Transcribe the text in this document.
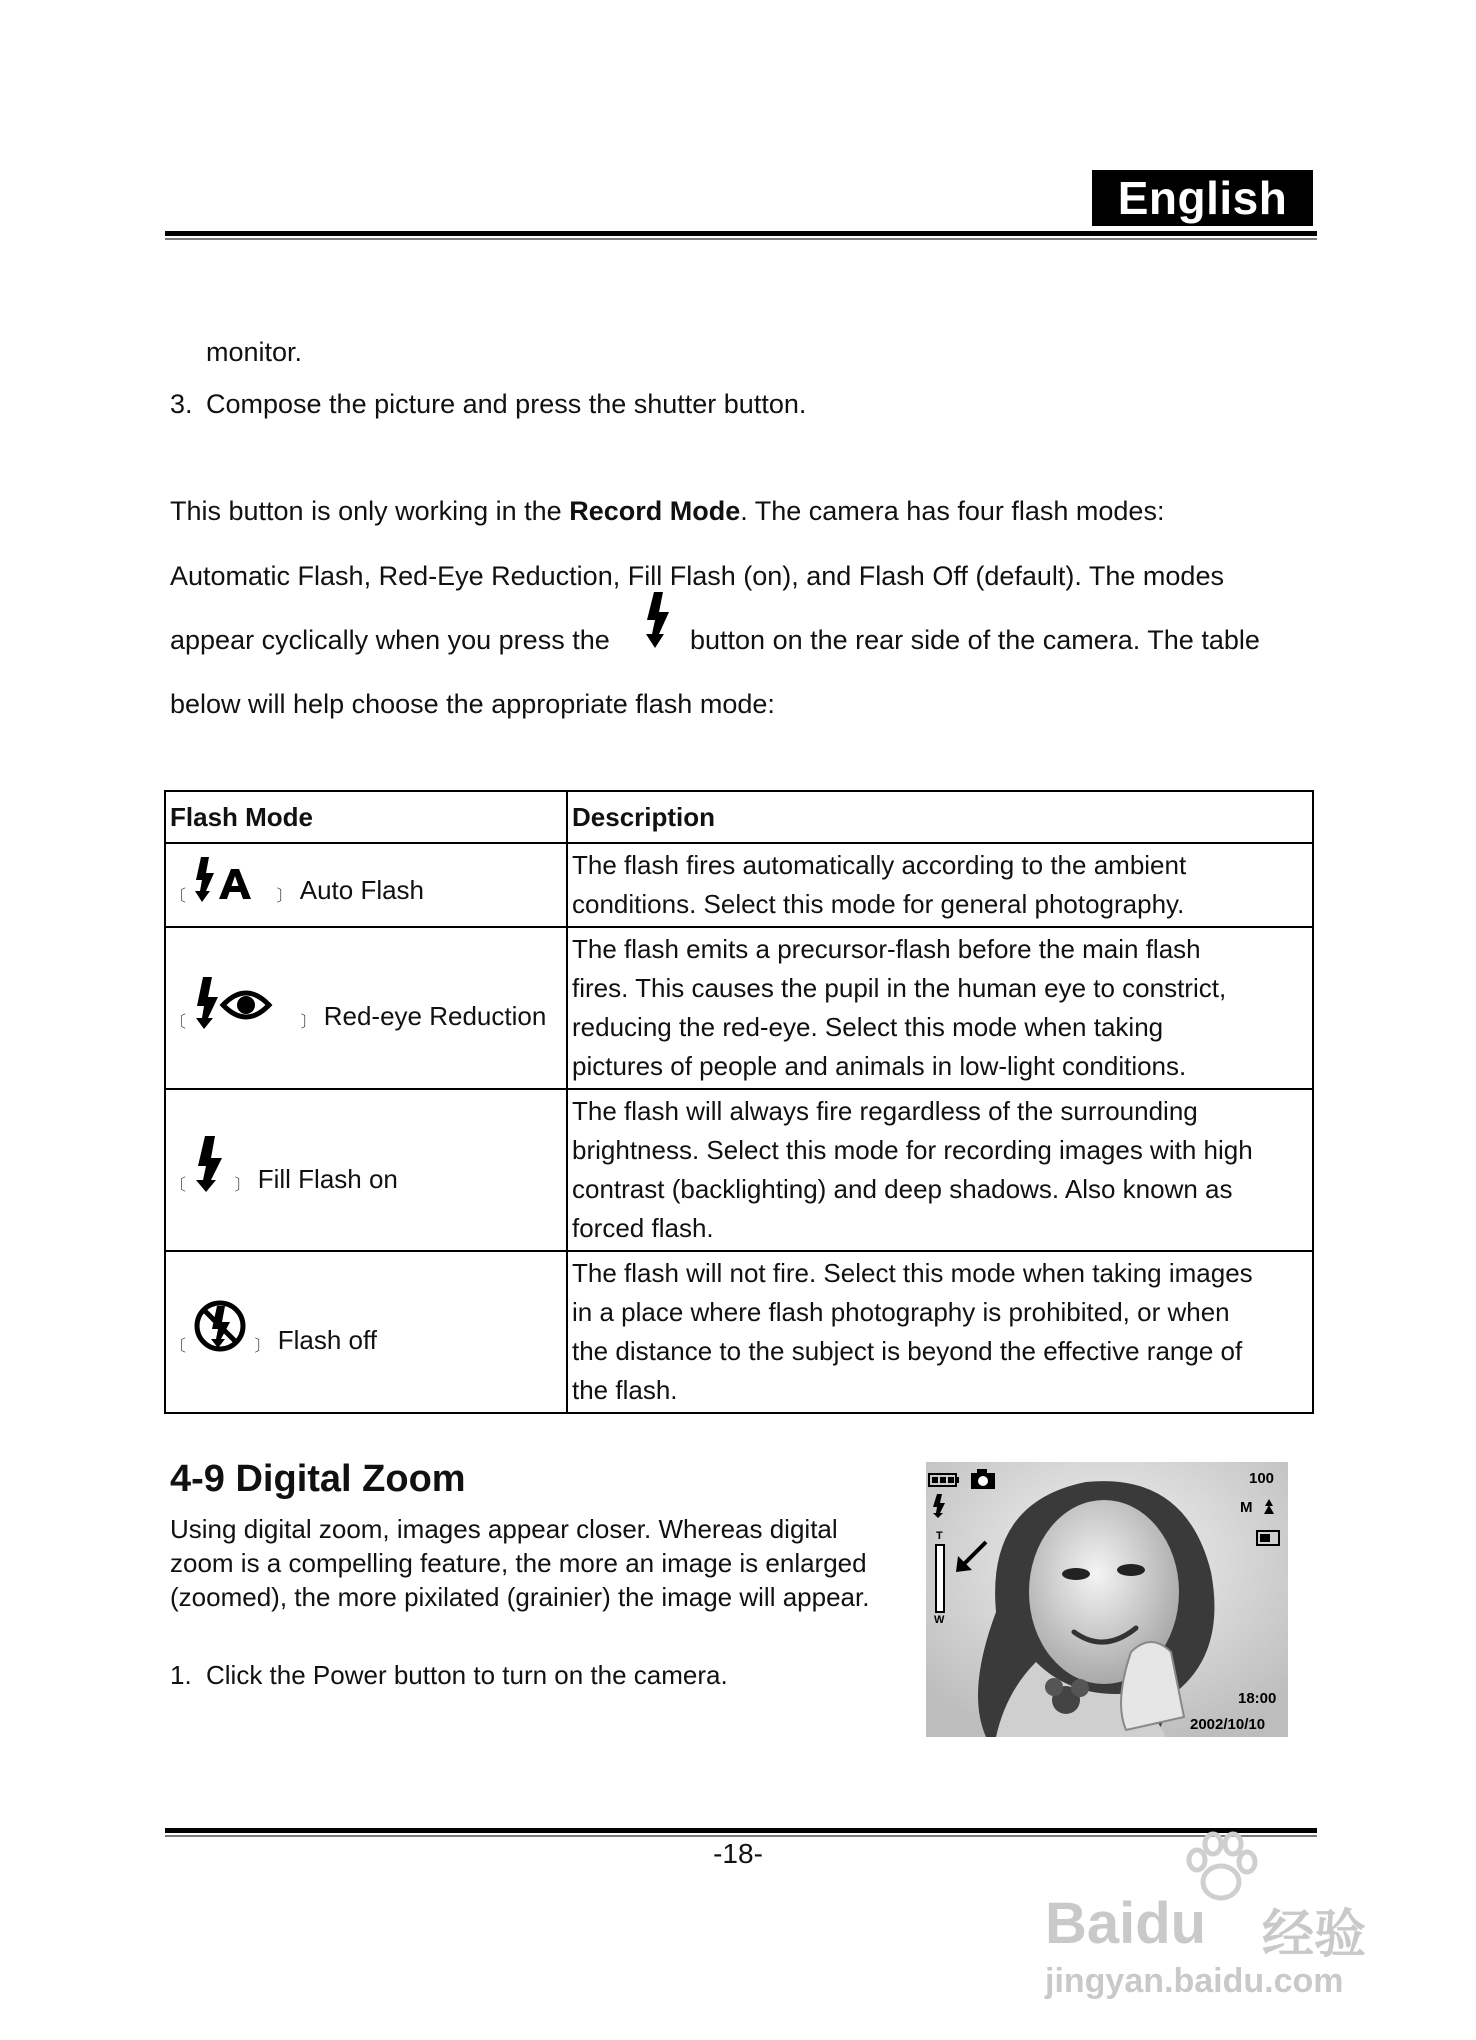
English
monitor.
3. Compose the picture and press the shutter button.
This button is only working in the Record Mode. The camera has four flash modes:
Automatic Flash, Red-Eye Reduction, Fill Flash (on), and Flash Off (default). The modes
appear cyclically when you press the	button on the rear side of the camera. The table
below will help choose the appropriate flash mode:
Flash Mode	Description
〔 〕 Auto Flash	The flash fires automatically according to the ambient
conditions. Select this mode for general photography.

〔 〕 Red-eye Reduction	The flash emits a precursor-flash before the main flash
fires. This causes the pupil in the human eye to constrict,
reducing the red-eye. Select this mode when taking
pictures of people and animals in low-light conditions.

〔 〕 Fill Flash on	The flash will always fire regardless of the surrounding
brightness. Select this mode for recording images with high
contrast (backlighting) and deep shadows. Also known as
forced flash.

〔 〕 Flash off	The flash will not fire. Select this mode when taking images
in a place where flash photography is prohibited, or when
the distance to the subject is beyond the effective range of
the flash.
4-9 Digital Zoom
Using digital zoom, images appear closer. Whereas digital zoom is a compelling feature, the more an image is enlarged (zoomed), the more pixilated (grainier) the image will appear.
1. Click the Power button to turn on the camera.
100
M
T
W
18:00
2002/10/10
-18-
Baidu 经验
jingyan.baidu.com
